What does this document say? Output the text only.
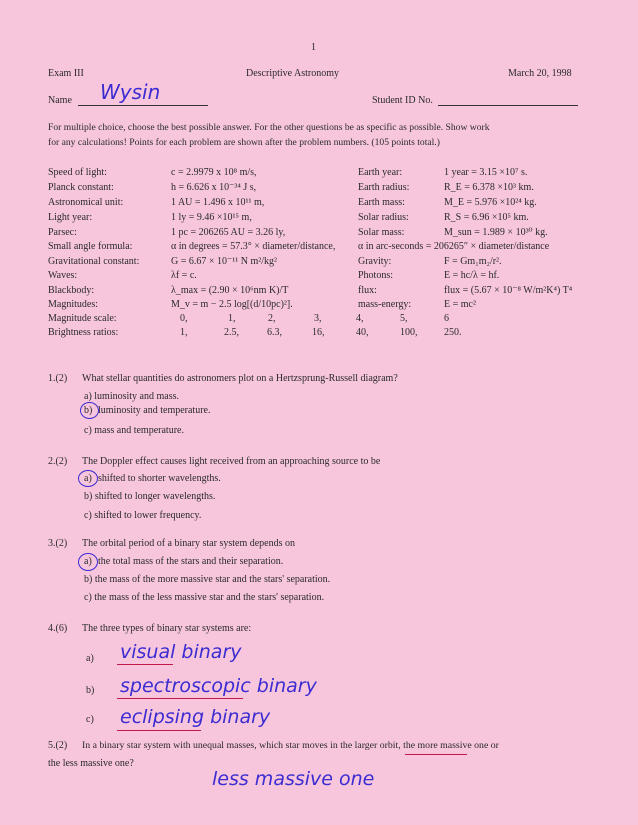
1
Exam III	Descriptive Astronomy	March 20, 1998
Name Wysin	Student ID No.
For multiple choice, choose the best possible answer. For the other questions be as specific as possible. Show work
for any calculations! Points for each problem are shown after the problem numbers. (105 points total.)
Speed of light:	c = 2.9979 x 10⁸ m/s,	Earth year:	1 year = 3.15 ×10⁷ s.
Planck constant:	h = 6.626 x 10⁻³⁴ J s,	Earth radius:	R_E = 6.378 ×10³ km.
Astronomical unit:	1 AU = 1.496 x 10¹¹ m,	Earth mass:	M_E = 5.976 ×10²⁴ kg.
Light year:	1 ly = 9.46 ×10¹⁵ m,	Solar radius:	R_S = 6.96 ×10⁵ km.
Parsec:	1 pc = 206265 AU = 3.26 ly,	Solar mass:	M_sun = 1.989 × 10³⁰ kg.
Small angle formula:	α in degrees = 57.3° × diameter/distance, α in arc-seconds = 206265″ × diameter/distance
Gravitational constant:	G = 6.67 × 10⁻¹¹ N m²/kg²	Gravity:	F = Gm₁m₂/r².
Waves:	λf = c.	Photons:	E = hc/λ = hf.
Blackbody:	λ_max = (2.90 × 10⁶nm K)/T	flux:	flux = (5.67 × 10⁻⁸ W/m²K⁴) T⁴
Magnitudes:	M_v = m − 2.5 log[(d/10pc)²].	mass-energy:	E = mc²
Magnitude scale:	0,	1,	2,	3,	4,	5,	6
Brightness ratios:	1,	2.5,	6.3,	16,	40,	100,	250.
1.(2) What stellar quantities do astronomers plot on a Hertzsprung-Russell diagram?
a) luminosity and mass.
b) luminosity and temperature.
c) mass and temperature.
2.(2) The Doppler effect causes light received from an approaching source to be
a) shifted to shorter wavelengths.
b) shifted to longer wavelengths.
c) shifted to lower frequency.
3.(2) The orbital period of a binary star system depends on
a) the total mass of the stars and their separation.
b) the mass of the more massive star and the stars' separation.
c) the mass of the less massive star and the stars' separation.
4.(6) The three types of binary star systems are:
a) visual binary
b) spectroscopic binary
c) eclipsing binary
5.(2) In a binary star system with unequal masses, which star moves in the larger orbit, the more massive one or
the less massive one?
less massive one
